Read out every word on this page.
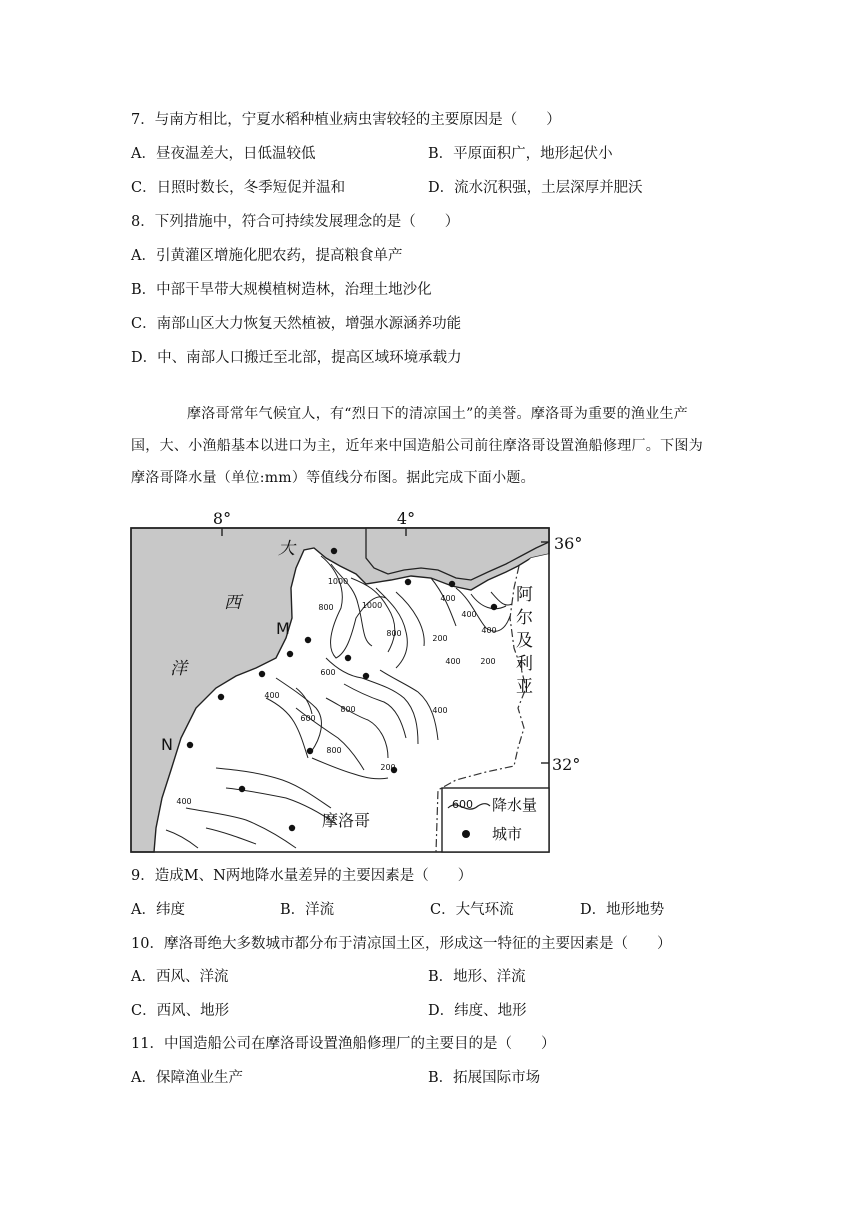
7．与南方相比，宁夏水稻种植业病虫害较轻的主要原因是（　　）
A．昼夜温差大，日低温较低	B．平原面积广，地形起伏小
C．日照时数长，冬季短促并温和	D．流水沉积强，土层深厚并肥沃
8．下列措施中，符合可持续发展理念的是（　　）
A．引黄灌区增施化肥农药，提高粮食单产
B．中部干旱带大规模植树造林，治理土地沙化
C．南部山区大力恢复天然植被，增强水源涵养功能
D．中、南部人口搬迁至北部，提高区域环境承载力
摩洛哥常年气候宜人，有“烈日下的清凉国土”的美誉。摩洛哥为重要的渔业生产
国，大、小渔船基本以进口为主，近年来中国造船公司前往摩洛哥设置渔船修理厂。下图为
摩洛哥降水量（单位:mm）等值线分布图。据此完成下面小题。
1000
800	1000
800
400
400
400
200
400 200
600
800
400
600
800
400
200
400
8°	4°
36°
32°
大
西
洋
阿
尔
及
利
亚
M
N
摩洛哥
600 降水量
城市
9．造成M、N两地降水量差异的主要因素是（　　）
A．纬度	B．洋流	C．大气环流	D．地形地势
10．摩洛哥绝大多数城市都分布于清凉国土区，形成这一特征的主要因素是（　　）
A．西风、洋流	B．地形、洋流
C．西风、地形	D．纬度、地形
11．中国造船公司在摩洛哥设置渔船修理厂的主要目的是（　　）
A．保障渔业生产	B．拓展国际市场
